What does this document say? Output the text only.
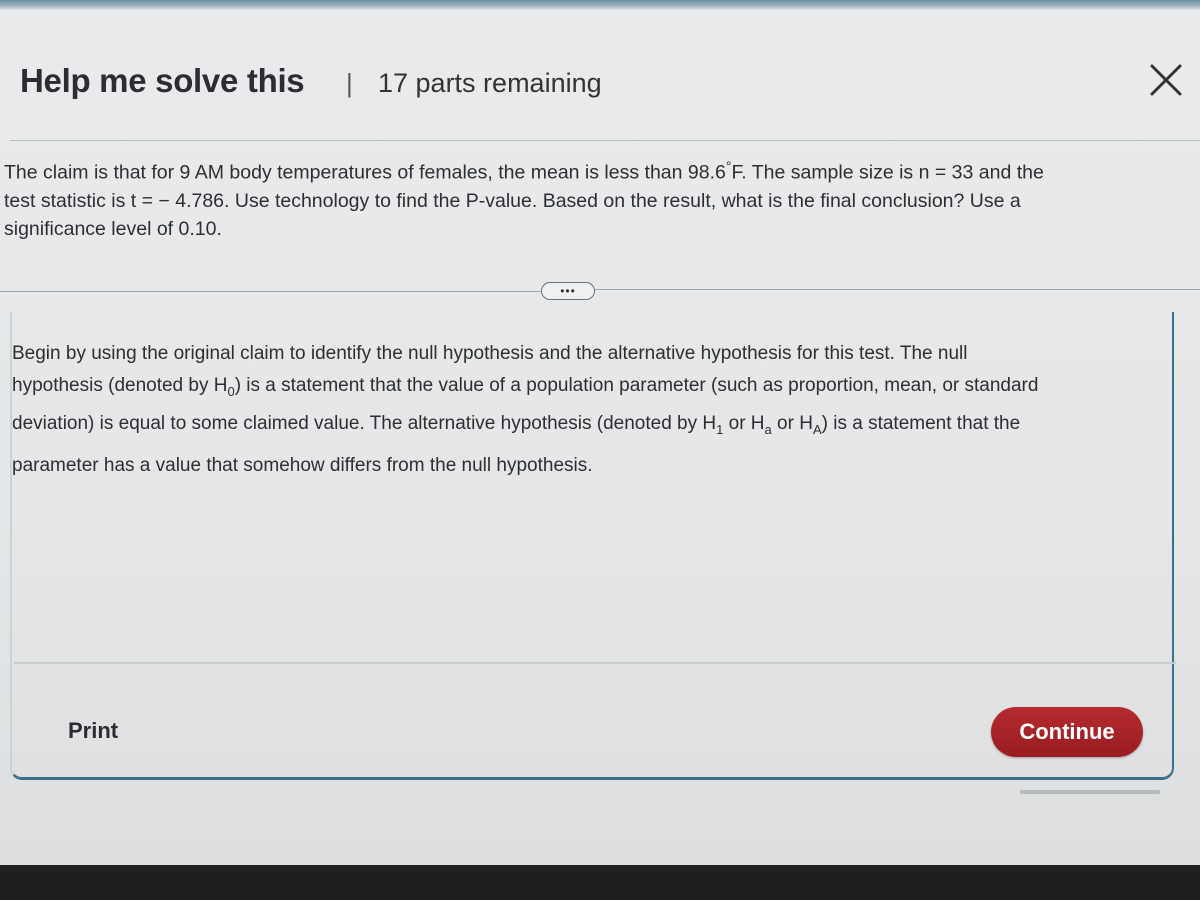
Help me solve this | 17 parts remaining
The claim is that for 9 AM body temperatures of females, the mean is less than 98.6°F. The sample size is n = 33 and the
test statistic is t = − 4.786. Use technology to find the P-value. Based on the result, what is the final conclusion? Use a
significance level of 0.10.
•••
Begin by using the original claim to identify the null hypothesis and the alternative hypothesis for this test. The null
hypothesis (denoted by $H_0$) is a statement that the value of a population parameter (such as proportion, mean, or standard
deviation) is equal to some claimed value. The alternative hypothesis (denoted by $H_1$ or $H_a$ or $H_A$) is a statement that the
parameter has a value that somehow differs from the null hypothesis.
Print	Continue
